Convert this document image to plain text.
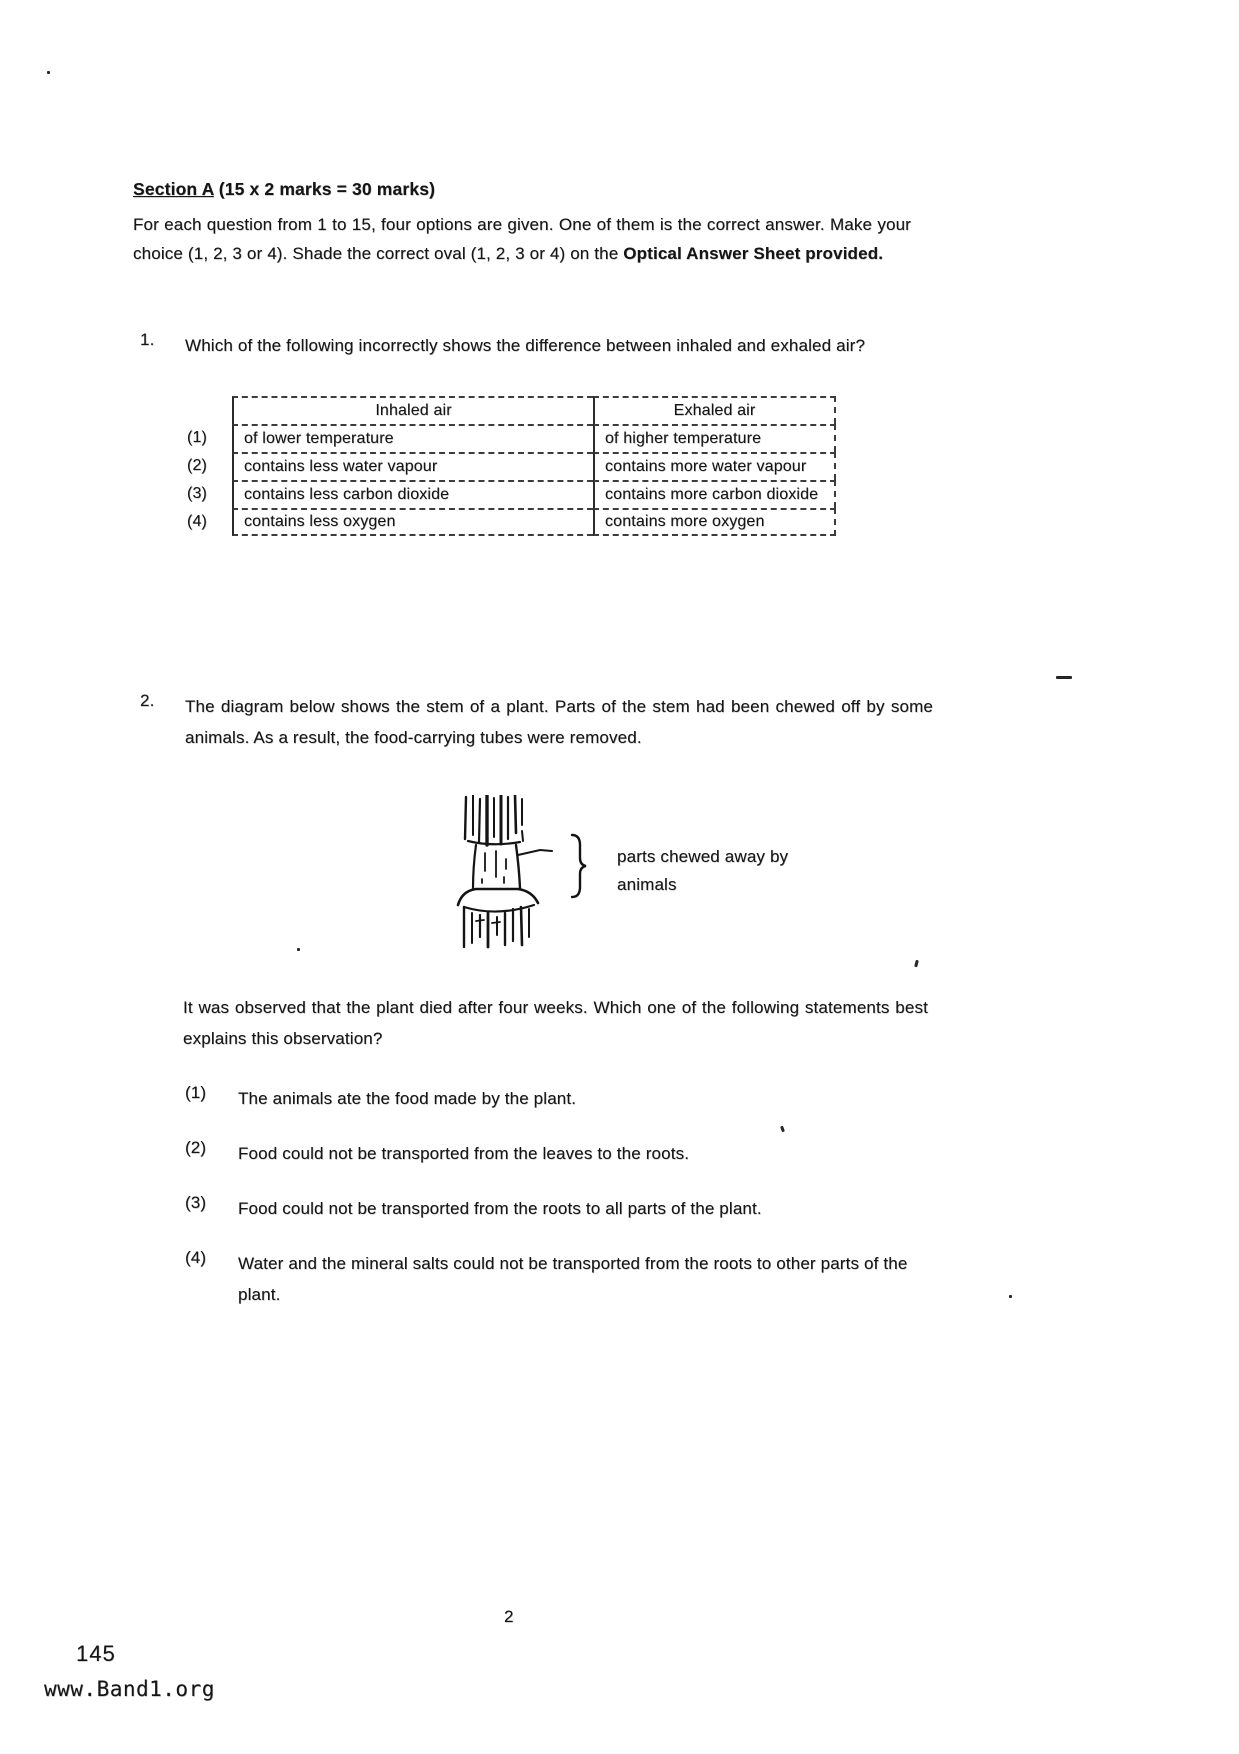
Section A (15 x 2 marks = 30 marks)
For each question from 1 to 15, four options are given. One of them is the correct answer. Make your choice (1, 2, 3 or 4). Shade the correct oval (1, 2, 3 or 4) on the Optical Answer Sheet provided.
1. Which of the following incorrectly shows the difference between inhaled and exhaled air?
Inhaled air	Exhaled air
(1)	of lower temperature	of higher temperature
(2)	contains less water vapour	contains more water vapour
(3)	contains less carbon dioxide	contains more carbon dioxide
(4)	contains less oxygen	contains more oxygen
2. The diagram below shows the stem of a plant. Parts of the stem had been chewed off by some animals. As a result, the food-carrying tubes were removed.
parts chewed away by animals
It was observed that the plant died after four weeks. Which one of the following statements best explains this observation?
(1) The animals ate the food made by the plant.
(2) Food could not be transported from the leaves to the roots.
(3) Food could not be transported from the roots to all parts of the plant.
(4) Water and the mineral salts could not be transported from the roots to other parts of the plant.
2
145
www.Band1.org
